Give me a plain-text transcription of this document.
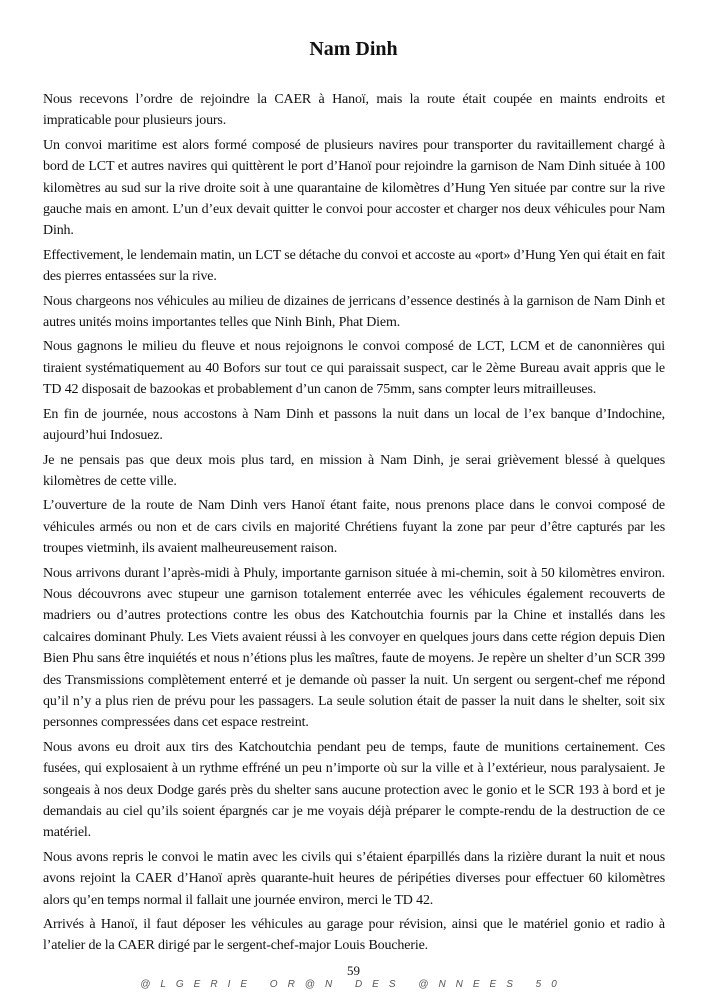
Nam Dinh

Nous recevons l’ordre de rejoindre la CAER à Hanoï, mais la route était coupée en maints endroits et impraticable pour plusieurs jours.

Un convoi maritime est alors formé composé de plusieurs navires pour transporter du ravitaillement chargé à bord de LCT et autres navires qui quittèrent le port d’Hanoï pour rejoindre la garnison de Nam Dinh située à 100 kilomètres au sud sur la rive droite soit à une quarantaine de kilomètres d’Hung Yen située par contre sur la rive gauche mais en amont. L’un d’eux devait quitter le convoi pour accoster et charger nos deux véhicules pour Nam Dinh.

Effectivement, le lendemain matin, un LCT se détache du convoi et accoste au «port» d’Hung Yen qui était en fait des pierres entassées sur la rive.

Nous chargeons nos véhicules au milieu de dizaines de jerricans d’essence destinés à la garnison de Nam Dinh et autres unités moins importantes telles que Ninh Binh, Phat Diem.

Nous gagnons le milieu du fleuve et nous rejoignons le convoi composé de LCT, LCM et de canonnières qui tiraient systématiquement au 40 Bofors sur tout ce qui paraissait suspect, car le 2ème Bureau avait appris que le TD 42 disposait de bazookas et probablement d’un canon de 75mm, sans compter leurs mitrailleuses.

En fin de journée, nous accostons à Nam Dinh et passons la nuit dans un local de l’ex banque d’Indochine, aujourd’hui Indosuez.

Je ne pensais pas que deux mois plus tard, en mission à Nam Dinh, je serai grièvement blessé à quelques kilomètres de cette ville.

L’ouverture de la route de Nam Dinh vers Hanoï étant faite, nous prenons place dans le convoi composé de véhicules armés ou non et de cars civils en majorité Chrétiens fuyant la zone par peur d’être capturés par les troupes vietminh, ils avaient malheureusement raison.

Nous arrivons durant l’après-midi à Phuly, importante garnison située à mi-chemin, soit à 50 kilomètres environ. Nous découvrons avec stupeur une garnison totalement enterrée avec les véhicules également recouverts de madriers ou d’autres protections contre les obus des Katchoutchia fournis par la Chine et installés dans les calcaires dominant Phuly. Les Viets avaient réussi à les convoyer en quelques jours dans cette région depuis Dien Bien Phu sans être inquiétés et nous n’étions plus les maîtres, faute de moyens. Je repère un shelter d’un SCR 399 des Transmissions complètement enterré et je demande où passer la nuit. Un sergent ou sergent-chef me répond qu’il n’y a plus rien de prévu pour les passagers. La seule solution était de passer la nuit dans le shelter, soit six personnes compressées dans cet espace restreint.

Nous avons eu droit aux tirs des Katchoutchia pendant peu de temps, faute de munitions certainement. Ces fusées, qui explosaient à un rythme effréné un peu n’importe où sur la ville et à l’extérieur, nous paralysaient. Je songeais à nos deux Dodge garés près du shelter sans aucune protection avec le gonio et le SCR 193 à bord et je demandais au ciel qu’ils soient épargnés car je me voyais déjà préparer le compte-rendu de la destruction de ce matériel.

Nous avons repris le convoi le matin avec les civils qui s’étaient éparpillés dans la rizière durant la nuit et nous avons rejoint la CAER d’Hanoï après quarante-huit heures de péripéties diverses pour effectuer 60 kilomètres alors qu’en temps normal il fallait une journée environ, merci le TD 42.

Arrivés à Hanoï, il faut déposer les véhicules au garage pour révision, ainsi que le matériel gonio et radio à l’atelier de la CAER dirigé par le sergent-chef-major Louis Boucherie.

59
@LGERIE OR@N DES @NNEES 50
